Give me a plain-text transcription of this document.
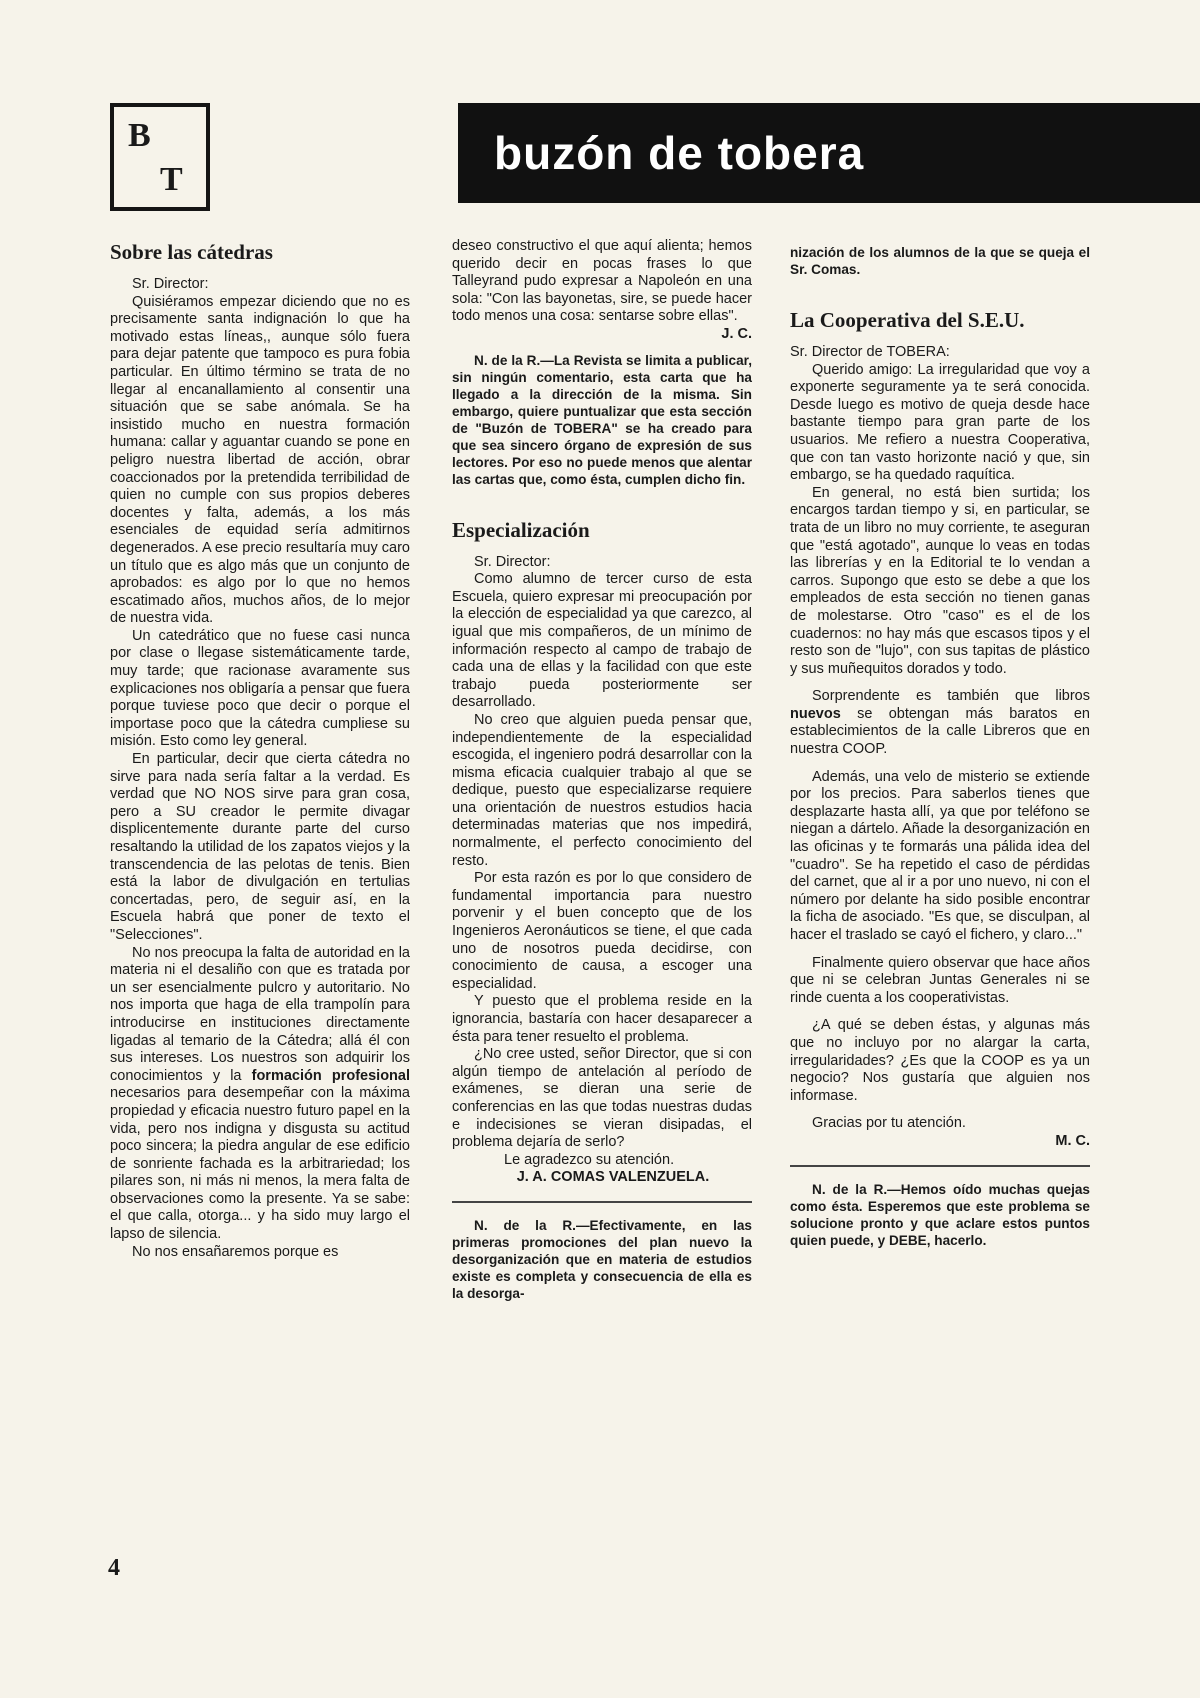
B
T
buzón de tobera
Sobre las cátedras

Sr. Director:

Quisiéramos empezar diciendo que no es precisamente santa indignación lo que ha motivado estas líneas,, aunque sólo fuera para dejar patente que tampoco es pura fobia particular. En último término se trata de no llegar al encanallamiento al consentir una situación que se sabe anómala. Se ha insistido mucho en nuestra formación humana: callar y aguantar cuando se pone en peligro nuestra libertad de acción, obrar coaccionados por la pretendida terribilidad de quien no cumple con sus propios deberes docentes y falta, además, a los más esenciales de equidad sería admitirnos degenerados. A ese precio resultaría muy caro un título que es algo más que un conjunto de aprobados: es algo por lo que no hemos escatimado años, muchos años, de lo mejor de nuestra vida.

Un catedrático que no fuese casi nunca por clase o llegase sistemáticamente tarde, muy tarde; que racionase avaramente sus explicaciones nos obligaría a pensar que fuera porque tuviese poco que decir o porque el importase poco que la cátedra cumpliese su misión. Esto como ley general.

En particular, decir que cierta cátedra no sirve para nada sería faltar a la verdad. Es verdad que NO NOS sirve para gran cosa, pero a SU creador le permite divagar displicentemente durante parte del curso resaltando la utilidad de los zapatos viejos y la transcendencia de las pelotas de tenis. Bien está la labor de divulgación en tertulias concertadas, pero, de seguir así, en la Escuela habrá que poner de texto el "Selecciones".

No nos preocupa la falta de autoridad en la materia ni el desaliño con que es tratada por un ser esencialmente pulcro y autoritario. No nos importa que haga de ella trampolín para introducirse en instituciones directamente ligadas al temario de la Cátedra; allá él con sus intereses. Los nuestros son adquirir los conocimientos y la formación profesional necesarios para desempeñar con la máxima propiedad y eficacia nuestro futuro papel en la vida, pero nos indigna y disgusta su actitud poco sincera; la piedra angular de ese edificio de sonriente fachada es la arbitrariedad; los pilares son, ni más ni menos, la mera falta de observaciones como la presente. Ya se sabe: el que calla, otorga... y ha sido muy largo el lapso de silencia.

No nos ensañaremos porque es

deseo constructivo el que aquí alienta; hemos querido decir en pocas frases lo que Talleyrand pudo expresar a Napoleón en una sola: "Con las bayonetas, sire, se puede hacer todo menos una cosa: sentarse sobre ellas".

J. C.

N. de la R.—La Revista se limita a publicar, sin ningún comentario, esta carta que ha llegado a la dirección de la misma. Sin embargo, quiere puntualizar que esta sección de "Buzón de TOBERA" se ha creado para que sea sincero órgano de expresión de sus lectores. Por eso no puede menos que alentar las cartas que, como ésta, cumplen dicho fin.

Especialización

Sr. Director:

Como alumno de tercer curso de esta Escuela, quiero expresar mi preocupación por la elección de especialidad ya que carezco, al igual que mis compañeros, de un mínimo de información respecto al campo de trabajo de cada una de ellas y la facilidad con que este trabajo pueda posteriormente ser desarrollado.

No creo que alguien pueda pensar que, independientemente de la especialidad escogida, el ingeniero podrá desarrollar con la misma eficacia cualquier trabajo al que se dedique, puesto que especializarse requiere una orientación de nuestros estudios hacia determinadas materias que nos impedirá, normalmente, el perfecto conocimiento del resto.

Por esta razón es por lo que considero de fundamental importancia para nuestro porvenir y el buen concepto que de los Ingenieros Aeronáuticos se tiene, el que cada uno de nosotros pueda decidirse, con conocimiento de causa, a escoger una especialidad.

Y puesto que el problema reside en la ignorancia, bastaría con hacer desaparecer a ésta para tener resuelto el problema.

¿No cree usted, señor Director, que si con algún tiempo de antelación al período de exámenes, se dieran una serie de conferencias en las que todas nuestras dudas e indecisiones se vieran disipadas, el problema dejaría de serlo?

Le agradezco su atención.

J. A. COMAS VALENZUELA.

N. de la R.—Efectivamente, en las primeras promociones del plan nuevo la desorganización que en materia de estudios existe es completa y consecuencia de ella es la desorga-

nización de los alumnos de la que se queja el Sr. Comas.

La Cooperativa del S.E.U.

Sr. Director de TOBERA:

Querido amigo: La irregularidad que voy a exponerte seguramente ya te será conocida. Desde luego es motivo de queja desde hace bastante tiempo para gran parte de los usuarios. Me refiero a nuestra Cooperativa, que con tan vasto horizonte nació y que, sin embargo, se ha quedado raquítica.

En general, no está bien surtida; los encargos tardan tiempo y si, en particular, se trata de un libro no muy corriente, te aseguran que "está agotado", aunque lo veas en todas las librerías y en la Editorial te lo vendan a carros. Supongo que esto se debe a que los empleados de esta sección no tienen ganas de molestarse. Otro "caso" es el de los cuadernos: no hay más que escasos tipos y el resto son de "lujo", con sus tapitas de plástico y sus muñequitos dorados y todo.

Sorprendente es también que libros nuevos se obtengan más baratos en establecimientos de la calle Libreros que en nuestra COOP.

Además, una velo de misterio se extiende por los precios. Para saberlos tienes que desplazarte hasta allí, ya que por teléfono se niegan a dártelo. Añade la desorganización en las oficinas y te formarás una pálida idea del "cuadro". Se ha repetido el caso de pérdidas del carnet, que al ir a por uno nuevo, ni con el número por delante ha sido posible encontrar la ficha de asociado. "Es que, se disculpan, al hacer el traslado se cayó el fichero, y claro..."

Finalmente quiero observar que hace años que ni se celebran Juntas Generales ni se rinde cuenta a los cooperativistas.

¿A qué se deben éstas, y algunas más que no incluyo por no alargar la carta, irregularidades? ¿Es que la COOP es ya un negocio? Nos gustaría que alguien nos informase.

Gracias por tu atención.

M. C.

N. de la R.—Hemos oído muchas quejas como ésta. Esperemos que este problema se solucione pronto y que aclare estos puntos quien puede, y DEBE, hacerlo.

4
